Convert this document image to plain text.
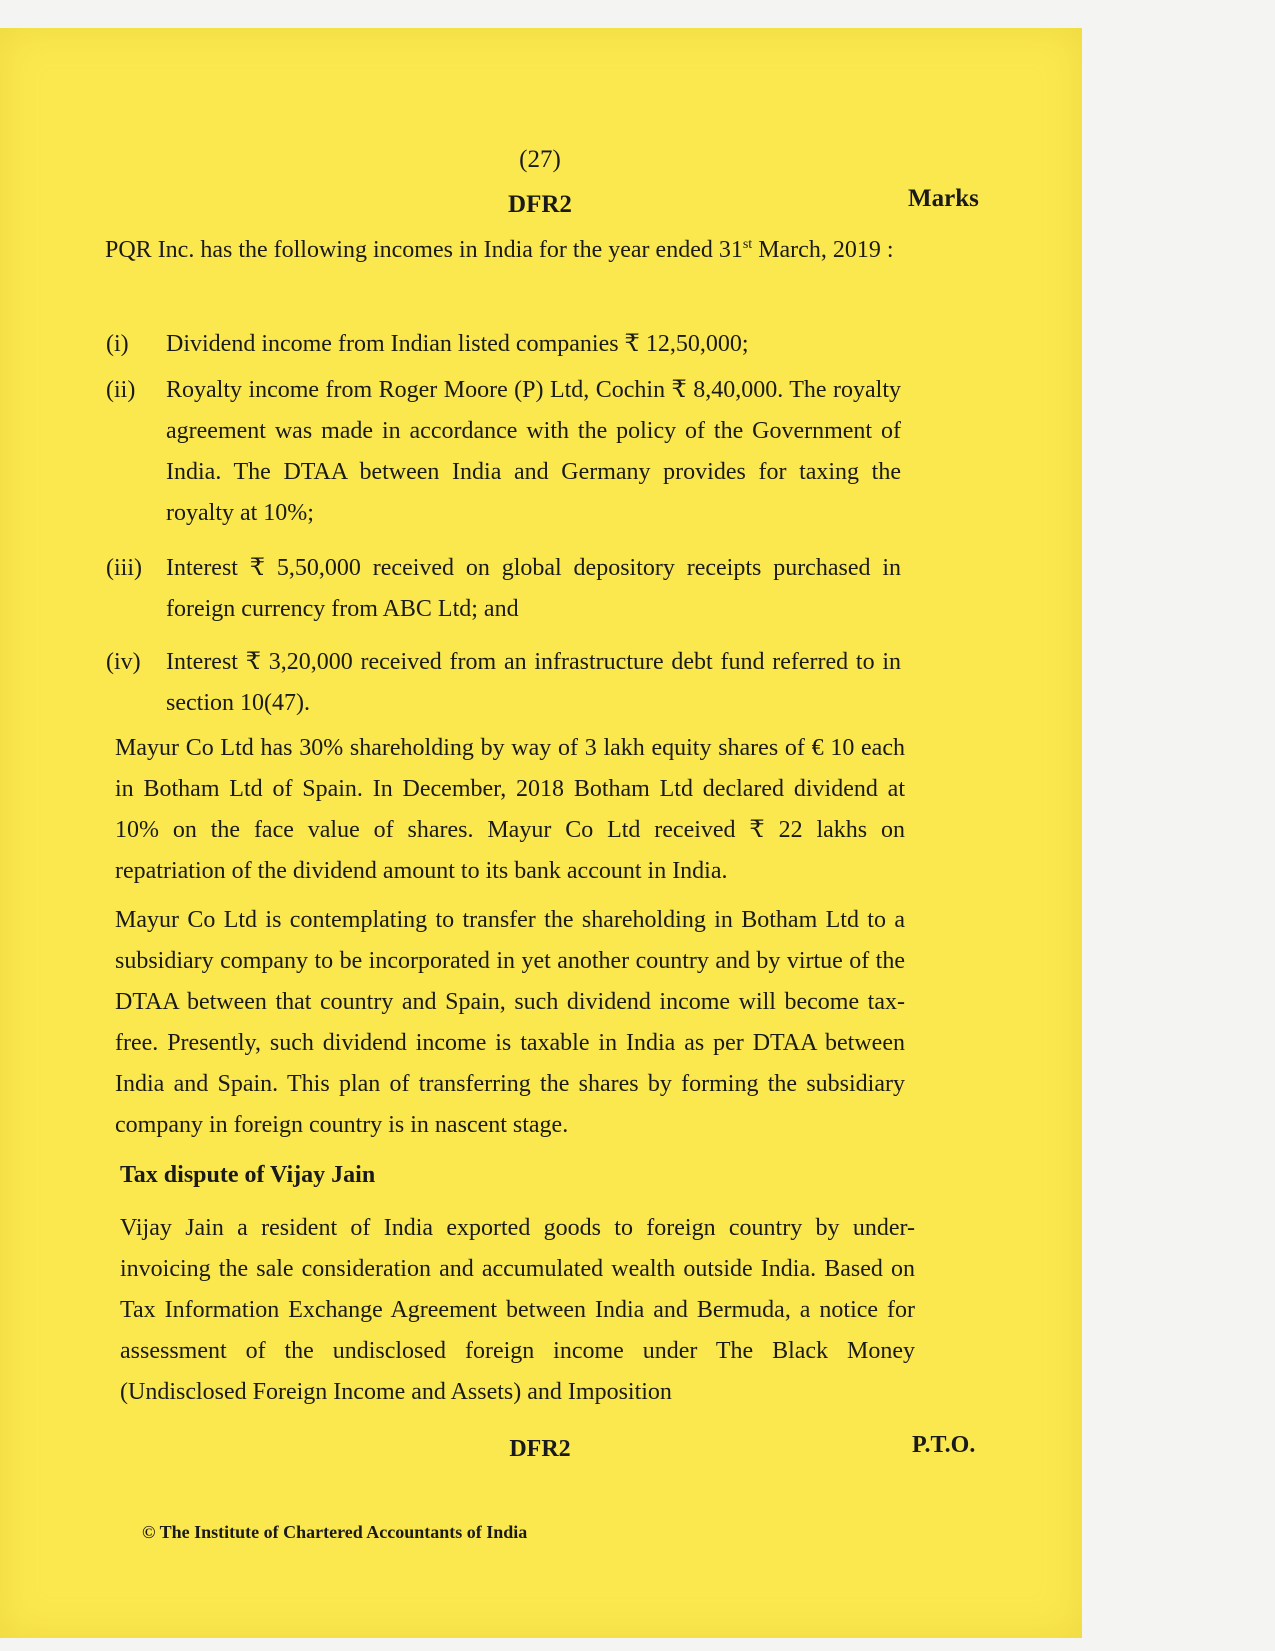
(27)
DFR2	Marks
PQR Inc. has the following incomes in India for the year ended 31st March, 2019 :
(i) Dividend income from Indian listed companies ₹ 12,50,000;
(ii) Royalty income from Roger Moore (P) Ltd, Cochin ₹ 8,40,000. The royalty agreement was made in accordance with the policy of the Government of India. The DTAA between India and Germany provides for taxing the royalty at 10%;
(iii) Interest ₹ 5,50,000 received on global depository receipts purchased in foreign currency from ABC Ltd; and
(iv) Interest ₹ 3,20,000 received from an infrastructure debt fund referred to in section 10(47).
Mayur Co Ltd has 30% shareholding by way of 3 lakh equity shares of € 10 each in Botham Ltd of Spain. In December, 2018 Botham Ltd declared dividend at 10% on the face value of shares. Mayur Co Ltd received ₹ 22 lakhs on repatriation of the dividend amount to its bank account in India.
Mayur Co Ltd is contemplating to transfer the shareholding in Botham Ltd to a subsidiary company to be incorporated in yet another country and by virtue of the DTAA between that country and Spain, such dividend income will become tax-free. Presently, such dividend income is taxable in India as per DTAA between India and Spain. This plan of transferring the shares by forming the subsidiary company in foreign country is in nascent stage.
Tax dispute of Vijay Jain
Vijay Jain a resident of India exported goods to foreign country by under-invoicing the sale consideration and accumulated wealth outside India. Based on Tax Information Exchange Agreement between India and Bermuda, a notice for assessment of the undisclosed foreign income under The Black Money (Undisclosed Foreign Income and Assets) and Imposition
DFR2	P.T.O.
© The Institute of Chartered Accountants of India
